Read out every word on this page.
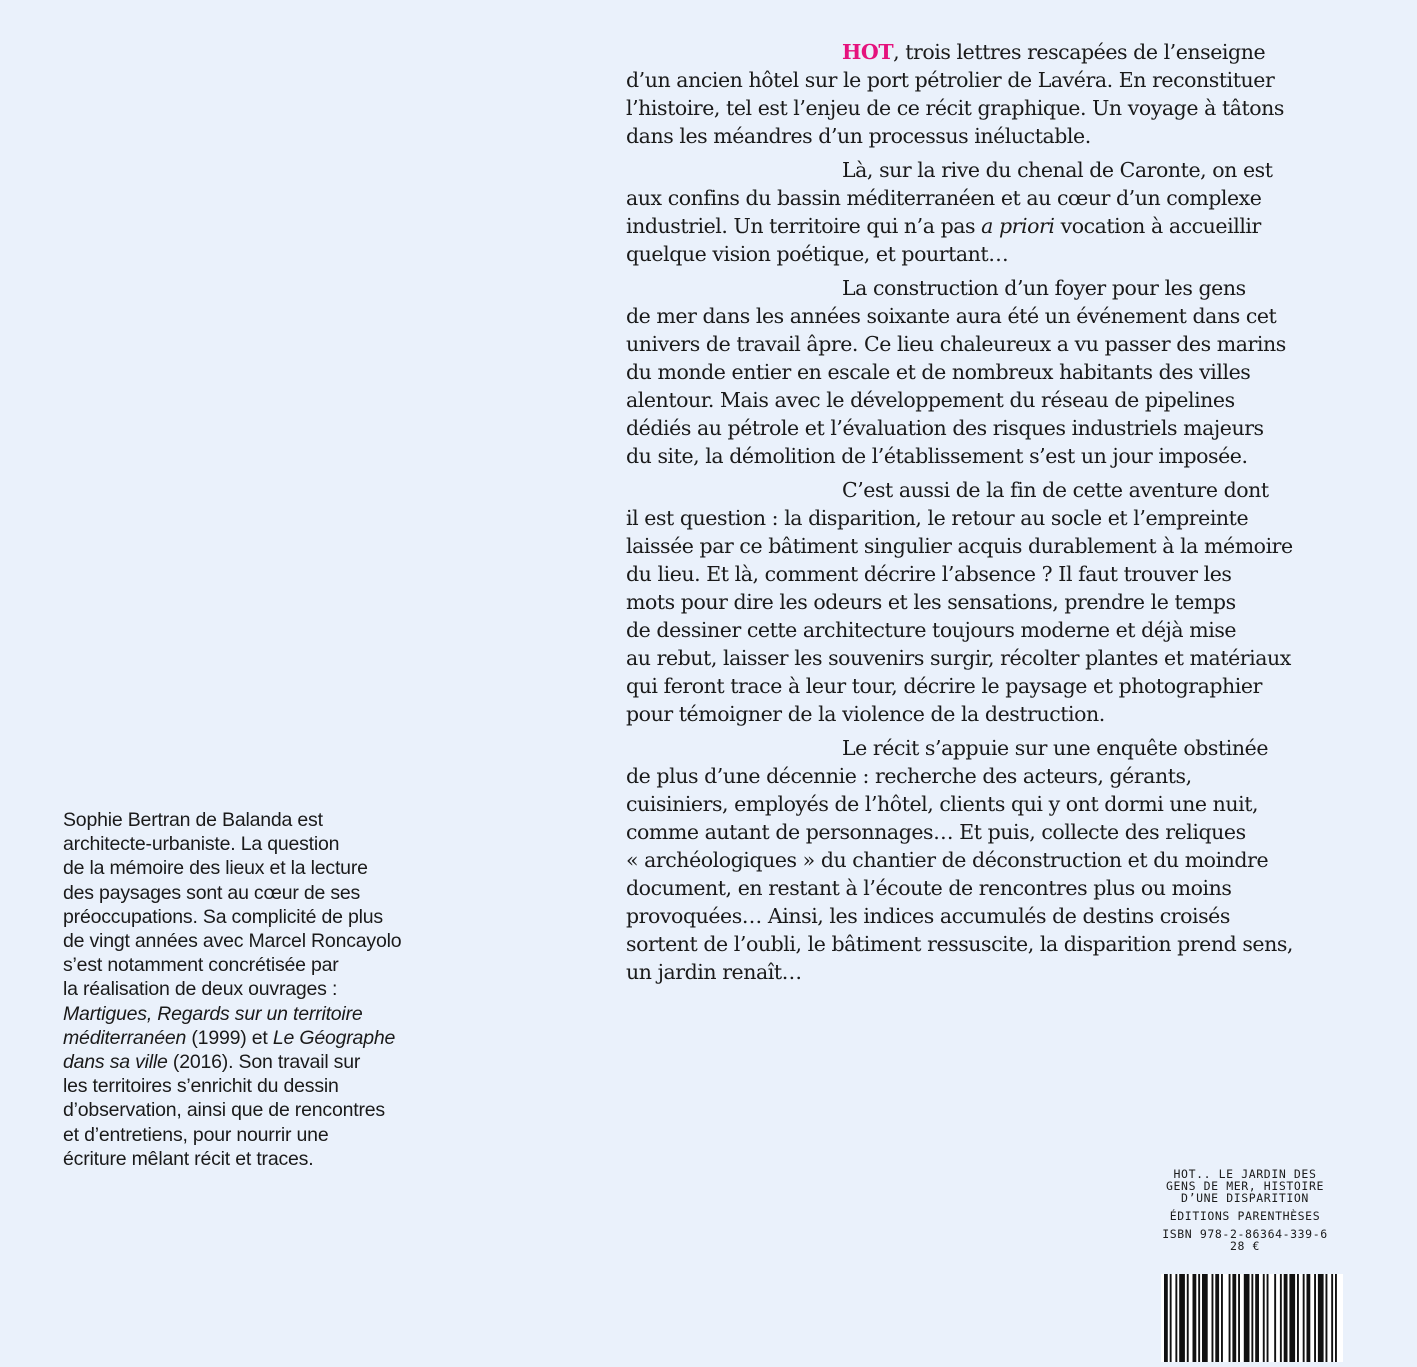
HOT, trois lettres rescapées de l’enseigne
d’un ancien hôtel sur le port pétrolier de Lavéra. En reconstituer
l’histoire, tel est l’enjeu de ce récit graphique. Un voyage à tâtons
dans les méandres d’un processus inéluctable.

Là, sur la rive du chenal de Caronte, on est
aux confins du bassin méditerranéen et au cœur d’un complexe
industriel. Un territoire qui n’a pas a priori vocation à accueillir
quelque vision poétique, et pourtant…

La construction d’un foyer pour les gens
de mer dans les années soixante aura été un événement dans cet
univers de travail âpre. Ce lieu chaleureux a vu passer des marins
du monde entier en escale et de nombreux habitants des villes
alentour. Mais avec le développement du réseau de pipelines
dédiés au pétrole et l’évaluation des risques industriels majeurs
du site, la démolition de l’établissement s’est un jour imposée.

C’est aussi de la fin de cette aventure dont
il est question : la disparition, le retour au socle et l’empreinte
laissée par ce bâtiment singulier acquis durablement à la mémoire
du lieu. Et là, comment décrire l’absence ? Il faut trouver les
mots pour dire les odeurs et les sensations, prendre le temps
de dessiner cette architecture toujours moderne et déjà mise
au rebut, laisser les souvenirs surgir, récolter plantes et matériaux
qui feront trace à leur tour, décrire le paysage et photographier
pour témoigner de la violence de la destruction.

Le récit s’appuie sur une enquête obstinée
de plus d’une décennie : recherche des acteurs, gérants,
cuisiniers, employés de l’hôtel, clients qui y ont dormi une nuit,
comme autant de personnages… Et puis, collecte des reliques
« archéologiques » du chantier de déconstruction et du moindre
document, en restant à l’écoute de rencontres plus ou moins
provoquées… Ainsi, les indices accumulés de destins croisés
sortent de l’oubli, le bâtiment ressuscite, la disparition prend sens,
un jardin renaît…

Sophie Bertran de Balanda est
architecte-urbaniste. La question
de la mémoire des lieux et la lecture
des paysages sont au cœur de ses
préoccupations. Sa complicité de plus
de vingt années avec Marcel Roncayolo
s’est notamment concrétisée par
la réalisation de deux ouvrages :
Martigues, Regards sur un territoire
méditerranéen (1999) et Le Géographe
dans sa ville (2016). Son travail sur
les territoires s’enrichit du dessin
d’observation, ainsi que de rencontres
et d’entretiens, pour nourrir une
écriture mêlant récit et traces.
HOT.. LE JARDIN DES
GENS DE MER, HISTOIRE
D’UNE DISPARITION
ÉDITIONS PARENTHÈSES
ISBN 978-2-86364-339-6
28 €
